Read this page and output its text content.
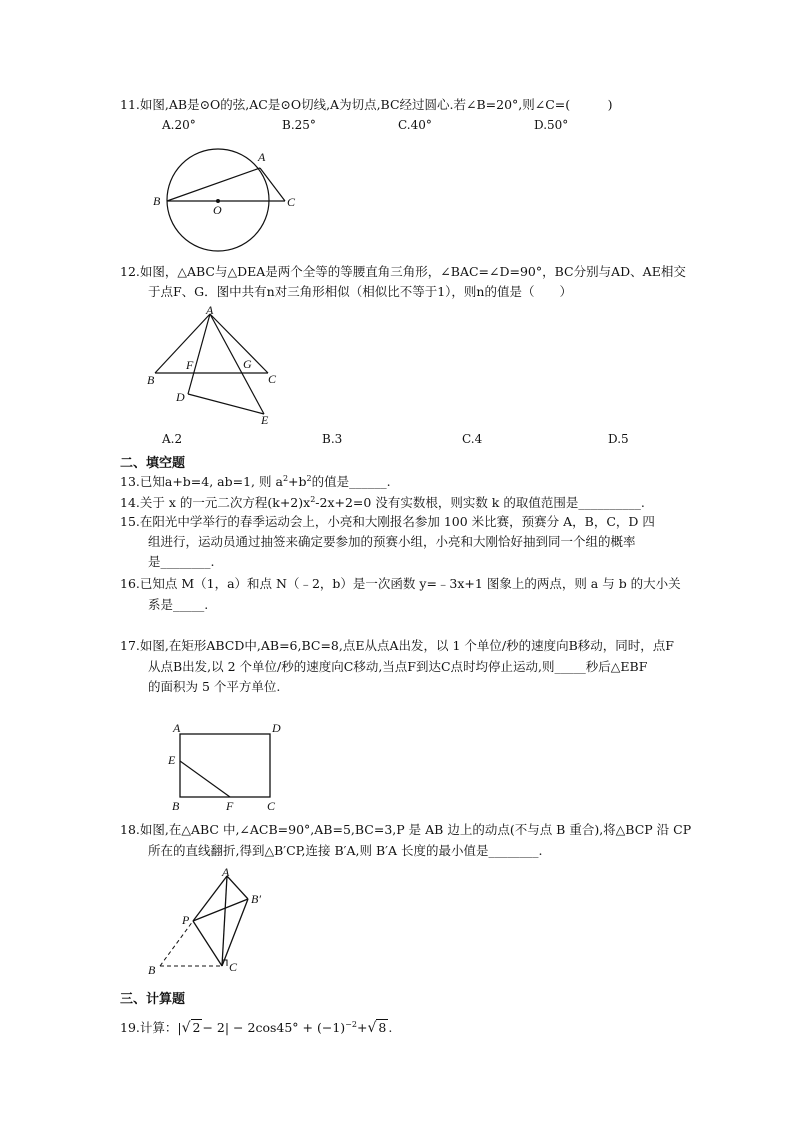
11.如图,AB是⊙O的弦,AC是⊙O切线,A为切点,BC经过圆心.若∠B=20°,则∠C=(　　　)
A.20°	B.25°	C.40°	D.50°
A
B
O
C
12.如图，△ABC与△DEA是两个全等的等腰直角三角形，∠BAC=∠D=90°，BC分别与AD、AE相交
于点F、G．图中共有n对三角形相似（相似比不等于1），则n的值是（　　）
A
B
F	G
C
D
E
A.2	B.3	C.4	D.5
二、填空题
13.已知a+b=4, ab=1, 则 $a^2+b^2$的值是______.
14.关于 x 的一元二次方程$(k+2)x^2-2x+2=0$ 没有实数根，则实数 k 的取值范围是__________.
15.在阳光中学举行的春季运动会上，小亮和大刚报名参加 100 米比赛，预赛分 A，B，C，D 四
组进行，运动员通过抽签来确定要参加的预赛小组，小亮和大刚恰好抽到同一个组的概率
是________.
16.已知点 M（1，a）和点 N（﹣2，b）是一次函数 y=﹣3x+1 图象上的两点，则 a 与 b 的大小关
系是_____.
17.如图,在矩形ABCD中,AB=6,BC=8,点E从点A出发，以 1 个单位/秒的速度向B移动，同时，点F
从点B出发,以 2 个单位/秒的速度向C移动,当点F到达C点时均停止运动,则_____秒后△EBF
的面积为 5 个平方单位.
A	D
E
B	F	C
18.如图,在△ABC 中,∠ACB=90°,AB=5,BC=3,P 是 AB 边上的动点(不与点 B 重合),将△BCP 沿 CP
所在的直线翻折,得到△B′CP,连接 B′A,则 B′A 长度的最小值是________.
A
B′
P
B	C
三、计算题
19.计算：|√ $2 - 2| - 2\cos 45^\circ + (-1)^{-2}+√$ 8 .
